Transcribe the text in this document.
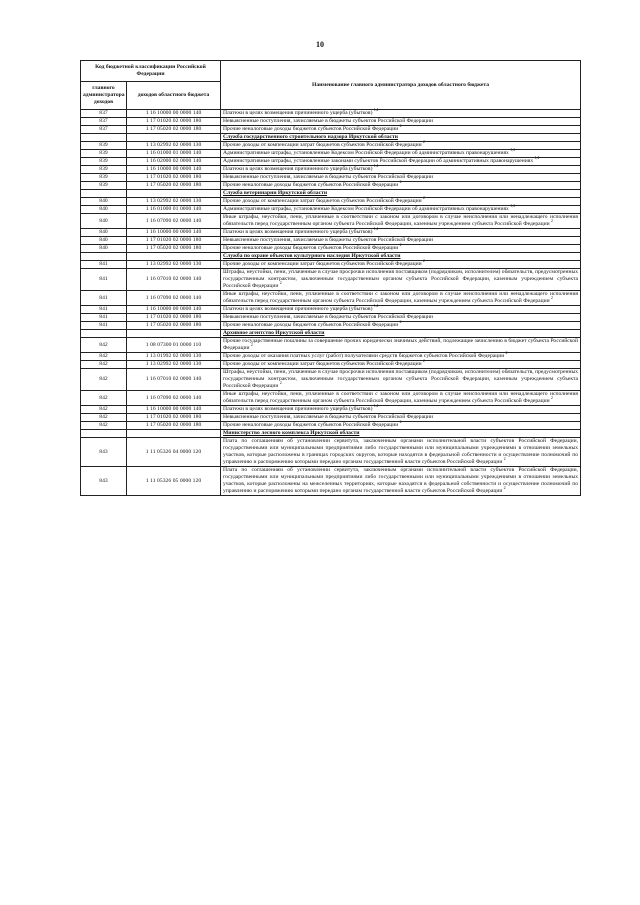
10
Код бюджетной классификации Российской Федерации		Наименование главного администратора доходов областного бюджета
главного администратора доходов	доходов областного бюджета	
837	1 16 10000 00 0000 140	Платежи в целях возмещения причиненного ущерба (убытков) $^{1,4}$
837	1 17 01020 02 0000 180	Невыясненные поступления, зачисляемые в бюджеты субъектов Российской Федерации
837	1 17 05020 02 0000 180	Прочие неналоговые доходы бюджетов субъектов Российской Федерации $^2$
		Служба государственного строительного надзора Иркутской области
839	1 13 02992 02 0000 130	Прочие доходы от компенсации затрат бюджетов субъектов Российской Федерации $^2$
839	1 16 01000 01 0000 140	Административные штрафы, установленные Кодексом Российской Федерации об административных правонарушениях $^{1,4}$
839	1 16 02000 02 0000 140	Административные штрафы, установленные законами субъектов Российской Федерации об административных правонарушениях $^{1,4}$
839	1 16 10000 00 0000 140	Платежи в целях возмещения причиненного ущерба (убытков) $^{1,4}$
839	1 17 01020 02 0000 180	Невыясненные поступления, зачисляемые в бюджеты субъектов Российской Федерации
839	1 17 05020 02 0000 180	Прочие неналоговые доходы бюджетов субъектов Российской Федерации $^2$
		Служба ветеринарии Иркутской области
840	1 13 02992 02 0000 130	Прочие доходы от компенсации затрат бюджетов субъектов Российской Федерации $^2$
840	1 16 01000 01 0000 140	Административные штрафы, установленные Кодексом Российской Федерации об административных правонарушениях $^{1,4}$
840	1 16 07090 02 0000 140	Иные штрафы, неустойки, пени, уплаченные в соответствии с законом или договором в случае неисполнения или ненадлежащего исполнения обязательств перед государственным органом субъекта Российской Федерации, казенным учреждением субъекта Российской Федерации $^2$
840	1 16 10000 00 0000 140	Платежи в целях возмещения причиненного ущерба (убытков) $^{1,4}$
840	1 17 01020 02 0000 180	Невыясненные поступления, зачисляемые в бюджеты субъектов Российской Федерации
840	1 17 05020 02 0000 180	Прочие неналоговые доходы бюджетов субъектов Российской Федерации $^2$
		Служба по охране объектов культурного наследия Иркутской области
841	1 13 02992 02 0000 130	Прочие доходы от компенсации затрат бюджетов субъектов Российской Федерации $^2$
841	1 16 07010 02 0000 140	Штрафы, неустойки, пени, уплаченные в случае просрочки исполнения поставщиком (подрядчиком, исполнителем) обязательств, предусмотренных государственным контрактом, заключенным государственным органом субъекта Российской Федерации, казенным учреждением субъекта Российской Федерации $^2$
841	1 16 07090 02 0000 140	Иные штрафы, неустойки, пени, уплаченные в соответствии с законом или договором в случае неисполнения или ненадлежащего исполнения обязательств перед государственным органом субъекта Российской Федерации, казенным учреждением субъекта Российской Федерации $^2$
841	1 16 10000 00 0000 140	Платежи в целях возмещения причиненного ущерба (убытков) $^{1,4}$
841	1 17 01020 02 0000 180	Невыясненные поступления, зачисляемые в бюджеты субъектов Российской Федерации
841	1 17 05020 02 0000 180	Прочие неналоговые доходы бюджетов субъектов Российской Федерации $^2$
		Архивное агентство Иркутской области
842	1 08 07300 01 0000 110	Прочие государственные пошлины за совершение прочих юридически значимых действий, подлежащие зачислению в бюджет субъекта Российской Федерации $^2$
842	1 13 01992 02 0000 130	Прочие доходы от оказания платных услуг (работ) получателями средств бюджетов субъектов Российской Федерации $^2$
842	1 13 02992 02 0000 130	Прочие доходы от компенсации затрат бюджетов субъектов Российской Федерации $^2$
842	1 16 07010 02 0000 140	Штрафы, неустойки, пени, уплаченные в случае просрочки исполнения поставщиком (подрядчиком, исполнителем) обязательств, предусмотренных государственным контрактом, заключенным государственным органом субъекта Российской Федерации, казенным учреждением субъекта Российской Федерации $^2$
842	1 16 07090 02 0000 140	Иные штрафы, неустойки, пени, уплаченные в соответствии с законом или договором в случае неисполнения или ненадлежащего исполнения обязательств перед государственным органом субъекта Российской Федерации, казенным учреждением субъекта Российской Федерации $^2$
842	1 16 10000 00 0000 140	Платежи в целях возмещения причиненного ущерба (убытков) $^{1,4}$
842	1 17 01020 02 0000 180	Невыясненные поступления, зачисляемые в бюджеты субъектов Российской Федерации
842	1 17 05020 02 0000 180	Прочие неналоговые доходы бюджетов субъектов Российской Федерации $^2$
		Министерство лесного комплекса Иркутской области
843	1 11 05326 04 0000 120	Плата по соглашениям об установлении сервитута, заключенным органами исполнительной власти субъектов Российской Федерации, государственными или муниципальными предприятиями либо государственными или муниципальными учреждениями в отношении земельных участков, которые расположены в границах городских округов, которые находятся в федеральной собственности и осуществление полномочий по управлению и распоряжению которыми передано органам государственной власти субъектов Российской Федерации $^2$
843	1 11 05326 05 0000 120	Плата по соглашениям об установлении сервитута, заключенным органами исполнительной власти субъектов Российской Федерации, государственными или муниципальными предприятиями либо государственными или муниципальными учреждениями в отношении земельных участков, которые расположены на межселенных территориях, которые находятся в федеральной собственности и осуществление полномочий по управлению и распоряжению которыми передано органам государственной власти субъектов Российской Федерации $^2$
